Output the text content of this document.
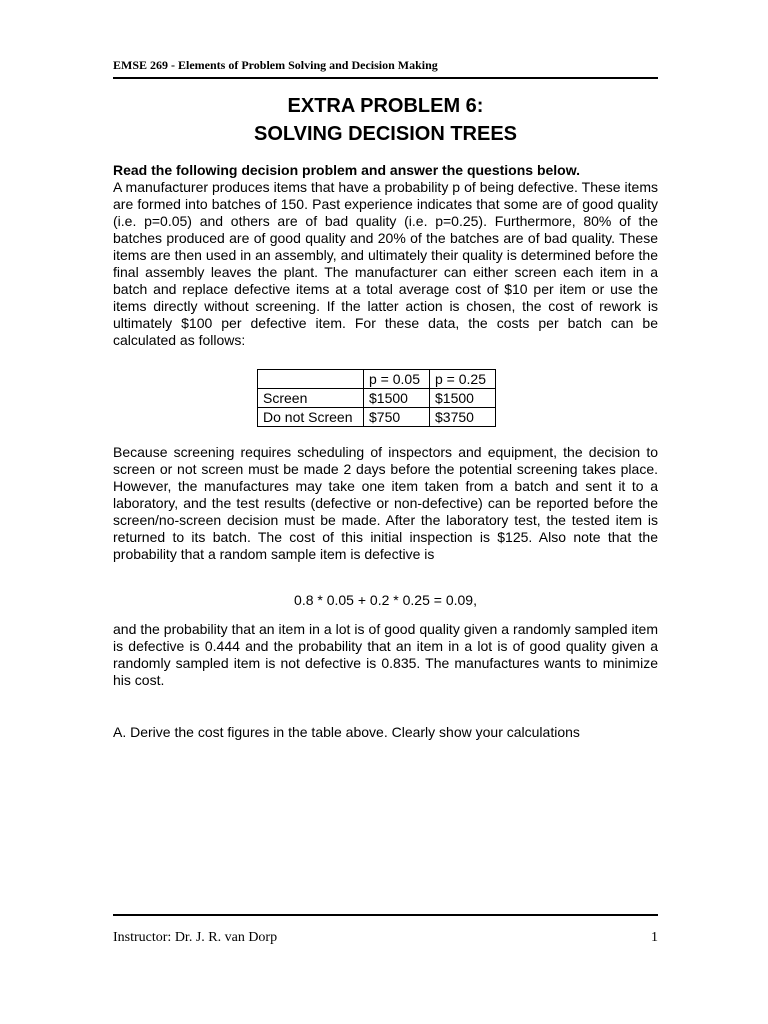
EMSE 269 - Elements of Problem Solving and Decision Making
EXTRA PROBLEM 6:
SOLVING DECISION TREES
Read the following decision problem and answer the questions below.
A manufacturer produces items that have a probability p of being defective. These items are formed into batches of 150. Past experience indicates that some are of good quality (i.e. p=0.05) and others are of bad quality (i.e. p=0.25). Furthermore, 80% of the batches produced are of good quality and 20% of the batches are of bad quality. These items are then used in an assembly, and ultimately their quality is determined before the final assembly leaves the plant. The manufacturer can either screen each item in a batch and replace defective items at a total average cost of $10 per item or use the items directly without screening. If the latter action is chosen, the cost of rework is ultimately $100 per defective item. For these data, the costs per batch can be calculated as follows:
	p = 0.05	p = 0.25
Screen	$1500	$1500
Do not Screen	$750	$3750
Because screening requires scheduling of inspectors and equipment, the decision to screen or not screen must be made 2 days before the potential screening takes place. However, the manufactures may take one item taken from a batch and sent it to a laboratory, and the test results (defective or non-defective) can be reported before the screen/no-screen decision must be made. After the laboratory test, the tested item is returned to its batch. The cost of this initial inspection is $125. Also note that the probability that a random sample item is defective is
0.8 * 0.05 + 0.2 * 0.25 = 0.09,
and the probability that an item in a lot is of good quality given a randomly sampled item is defective is 0.444 and the probability that an item in a lot is of good quality given a randomly sampled item is not defective is 0.835. The manufactures wants to minimize his cost.
A. Derive the cost figures in the table above. Clearly show your calculations
Instructor: Dr. J. R. van Dorp	1
